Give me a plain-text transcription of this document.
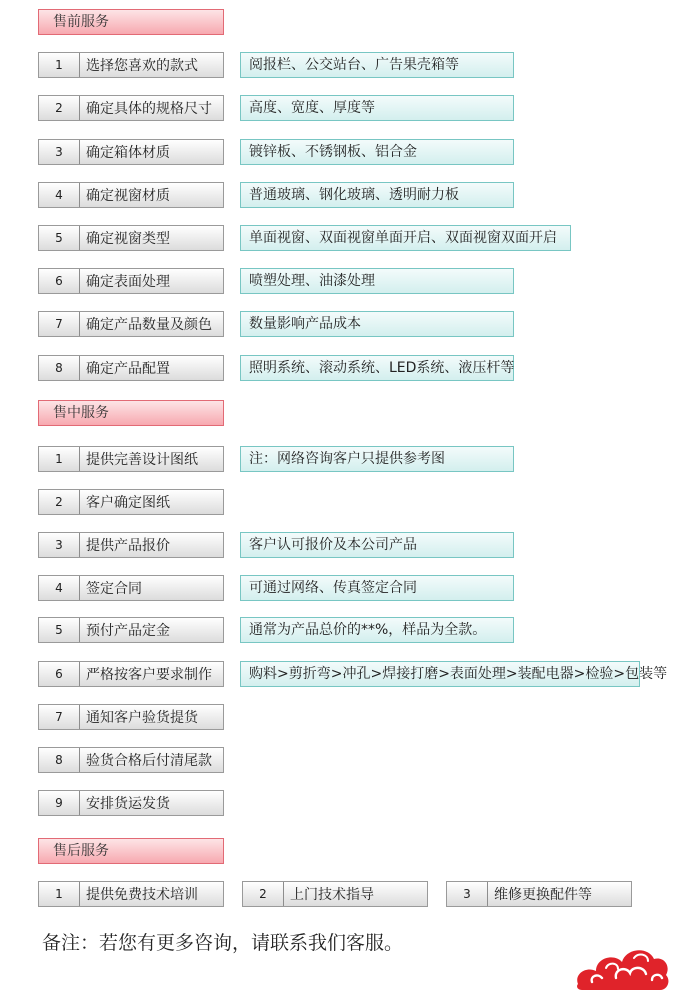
售前服务
1	选择您喜欢的款式	阅报栏、公交站台、广告果壳箱等
2	确定具体的规格尺寸	高度、宽度、厚度等
3	确定箱体材质	镀锌板、不锈钢板、铝合金
4	确定视窗材质	普通玻璃、钢化玻璃、透明耐力板
5	确定视窗类型	单面视窗、双面视窗单面开启、双面视窗双面开启
6	确定表面处理	喷塑处理、油漆处理
7	确定产品数量及颜色	数量影响产品成本
8	确定产品配置	照明系统、滚动系统、LED系统、液压杆等
售中服务
1	提供完善设计图纸	注：网络咨询客户只提供参考图
2	客户确定图纸
3	提供产品报价	客户认可报价及本公司产品
4	签定合同	可通过网络、传真签定合同
5	预付产品定金	通常为产品总价的**%，样品为全款。
6	严格按客户要求制作	购料>剪折弯>冲孔>焊接打磨>表面处理>装配电器>检验>包装等
7	通知客户验货提货
8	验货合格后付清尾款
9	安排货运发货
售后服务
1	提供免费技术培训	2	上门技术指导	3	维修更换配件等
备注：若您有更多咨询，请联系我们客服。
